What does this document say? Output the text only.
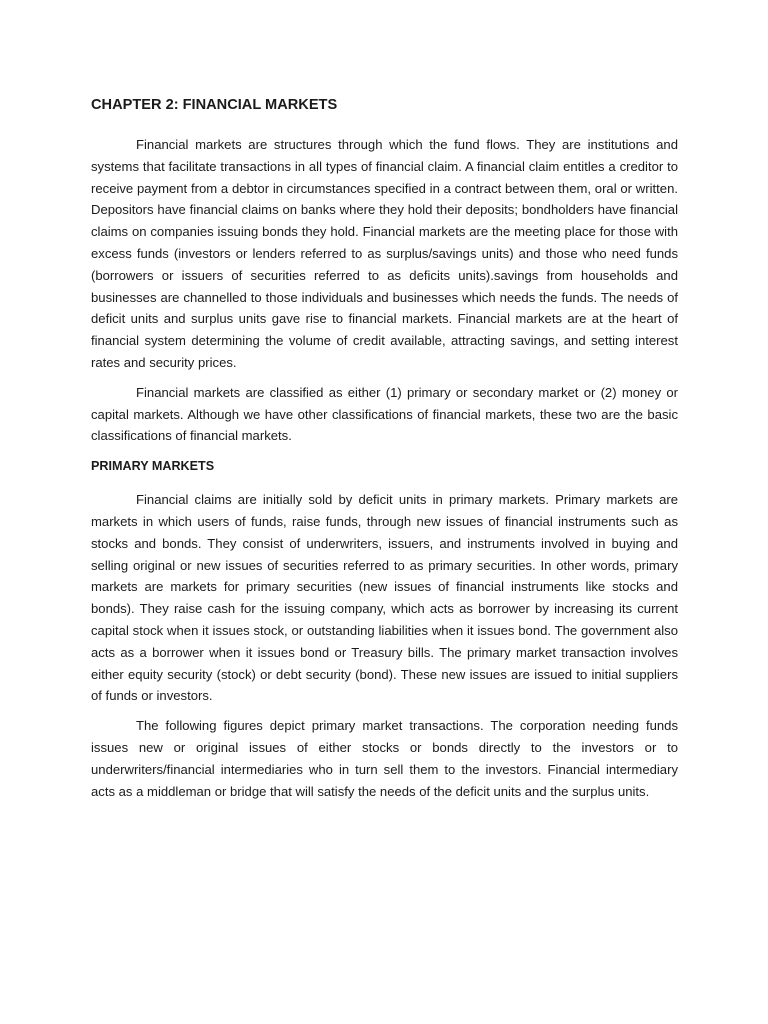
CHAPTER 2: FINANCIAL MARKETS

Financial markets are structures through which the fund flows. They are institutions and systems that facilitate transactions in all types of financial claim. A financial claim entitles a creditor to receive payment from a debtor in circumstances specified in a contract between them, oral or written. Depositors have financial claims on banks where they hold their deposits; bondholders have financial claims on companies issuing bonds they hold. Financial markets are the meeting place for those with excess funds (investors or lenders referred to as surplus/savings units) and those who need funds (borrowers or issuers of securities referred to as deficits units).savings from households and businesses are channelled to those individuals and businesses which needs the funds. The needs of deficit units and surplus units gave rise to financial markets. Financial markets are at the heart of financial system determining the volume of credit available, attracting savings, and setting interest rates and security prices.

Financial markets are classified as either (1) primary or secondary market or (2) money or capital markets. Although we have other classifications of financial markets, these two are the basic classifications of financial markets.

PRIMARY MARKETS

Financial claims are initially sold by deficit units in primary markets. Primary markets are markets in which users of funds, raise funds, through new issues of financial instruments such as stocks and bonds. They consist of underwriters, issuers, and instruments involved in buying and selling original or new issues of securities referred to as primary securities. In other words, primary markets are markets for primary securities (new issues of financial instruments like stocks and bonds). They raise cash for the issuing company, which acts as borrower by increasing its current capital stock when it issues stock, or outstanding liabilities when it issues bond. The government also acts as a borrower when it issues bond or Treasury bills. The primary market transaction involves either equity security (stock) or debt security (bond). These new issues are issued to initial suppliers of funds or investors.

The following figures depict primary market transactions. The corporation needing funds issues new or original issues of either stocks or bonds directly to the investors or to underwriters/financial intermediaries who in turn sell them to the investors. Financial intermediary acts as a middleman or bridge that will satisfy the needs of the deficit units and the surplus units.
